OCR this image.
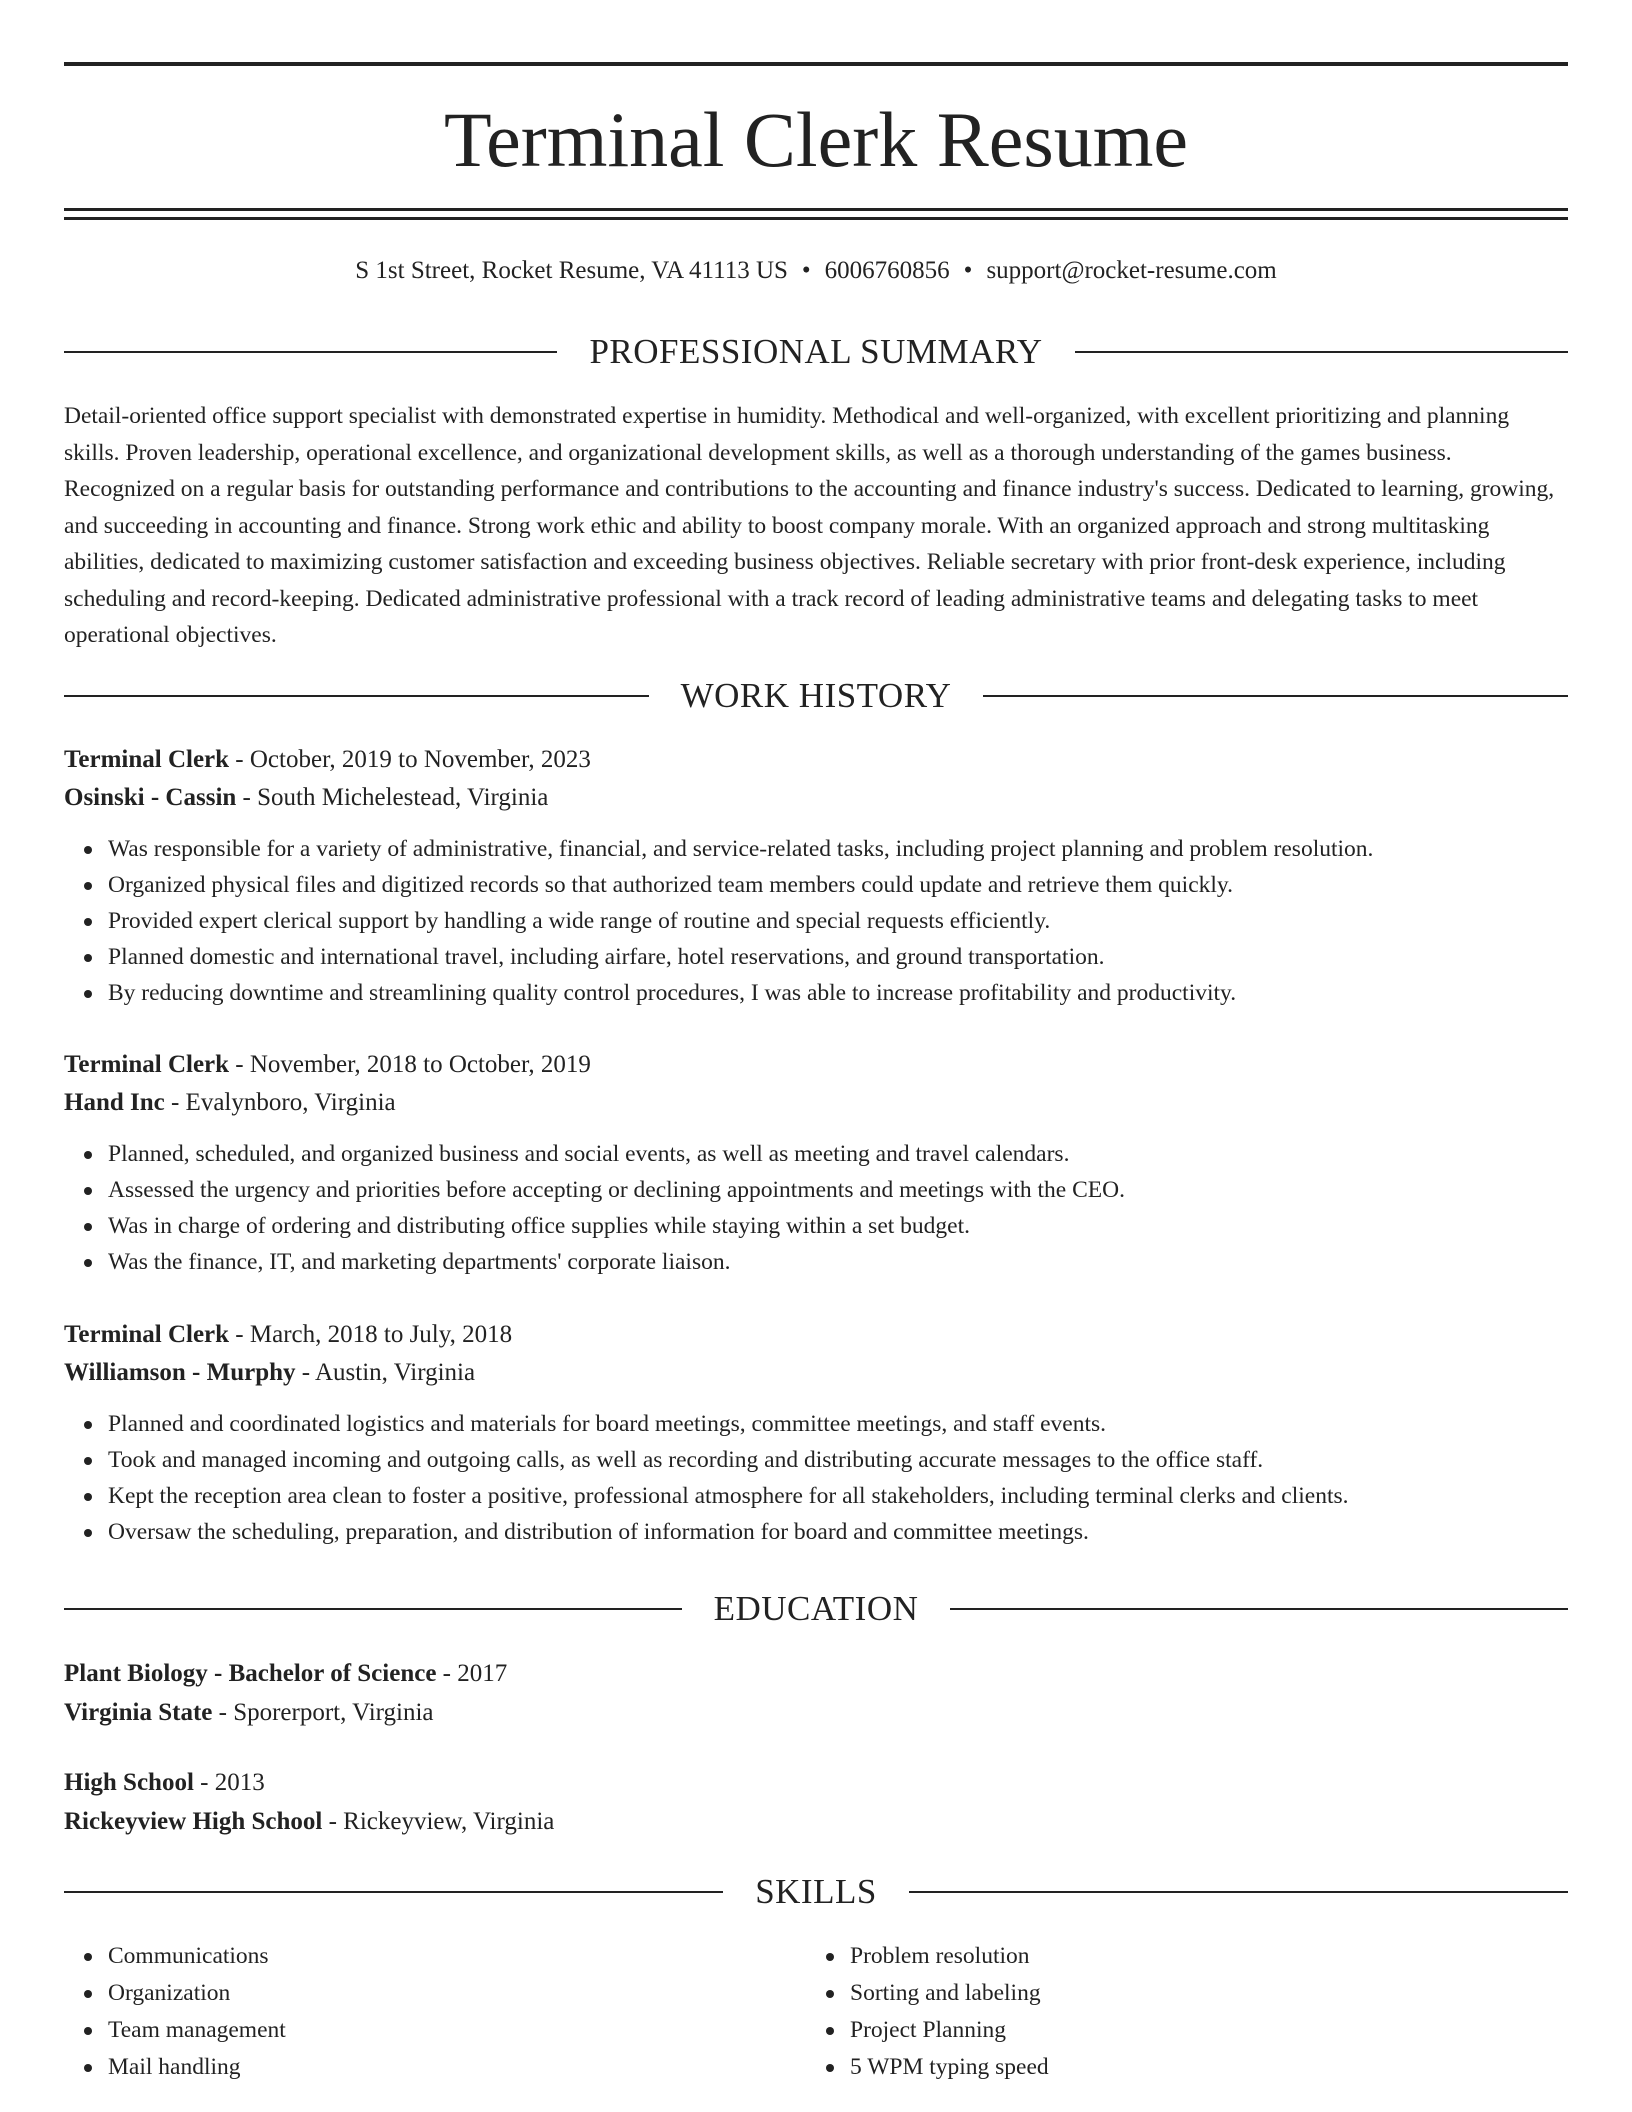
Terminal Clerk Resume
S 1st Street, Rocket Resume, VA 41113 US • 6006760856 • support@rocket-resume.com
PROFESSIONAL SUMMARY

Detail-oriented office support specialist with demonstrated expertise in humidity. Methodical and well-organized, with excellent prioritizing and planning skills. Proven leadership, operational excellence, and organizational development skills, as well as a thorough understanding of the games business. Recognized on a regular basis for outstanding performance and contributions to the accounting and finance industry's success. Dedicated to learning, growing, and succeeding in accounting and finance. Strong work ethic and ability to boost company morale. With an organized approach and strong multitasking abilities, dedicated to maximizing customer satisfaction and exceeding business objectives. Reliable secretary with prior front-desk experience, including scheduling and record-keeping. Dedicated administrative professional with a track record of leading administrative teams and delegating tasks to meet operational objectives.

WORK HISTORY
Terminal Clerk - October, 2019 to November, 2023
Osinski - Cassin - South Michelestead, Virginia
Was responsible for a variety of administrative, financial, and service-related tasks, including project planning and problem resolution.
Organized physical files and digitized records so that authorized team members could update and retrieve them quickly.
Provided expert clerical support by handling a wide range of routine and special requests efficiently.
Planned domestic and international travel, including airfare, hotel reservations, and ground transportation.
By reducing downtime and streamlining quality control procedures, I was able to increase profitability and productivity.
Terminal Clerk - November, 2018 to October, 2019
Hand Inc - Evalynboro, Virginia
Planned, scheduled, and organized business and social events, as well as meeting and travel calendars.
Assessed the urgency and priorities before accepting or declining appointments and meetings with the CEO.
Was in charge of ordering and distributing office supplies while staying within a set budget.
Was the finance, IT, and marketing departments' corporate liaison.
Terminal Clerk - March, 2018 to July, 2018
Williamson - Murphy - Austin, Virginia
Planned and coordinated logistics and materials for board meetings, committee meetings, and staff events.
Took and managed incoming and outgoing calls, as well as recording and distributing accurate messages to the office staff.
Kept the reception area clean to foster a positive, professional atmosphere for all stakeholders, including terminal clerks and clients.
Oversaw the scheduling, preparation, and distribution of information for board and committee meetings.
EDUCATION
Plant Biology - Bachelor of Science - 2017
Virginia State - Sporerport, Virginia
High School - 2013
Rickeyview High School - Rickeyview, Virginia
SKILLS
Communications
Organization
Team management
Mail handling
Problem resolution
Sorting and labeling
Project Planning
5 WPM typing speed
